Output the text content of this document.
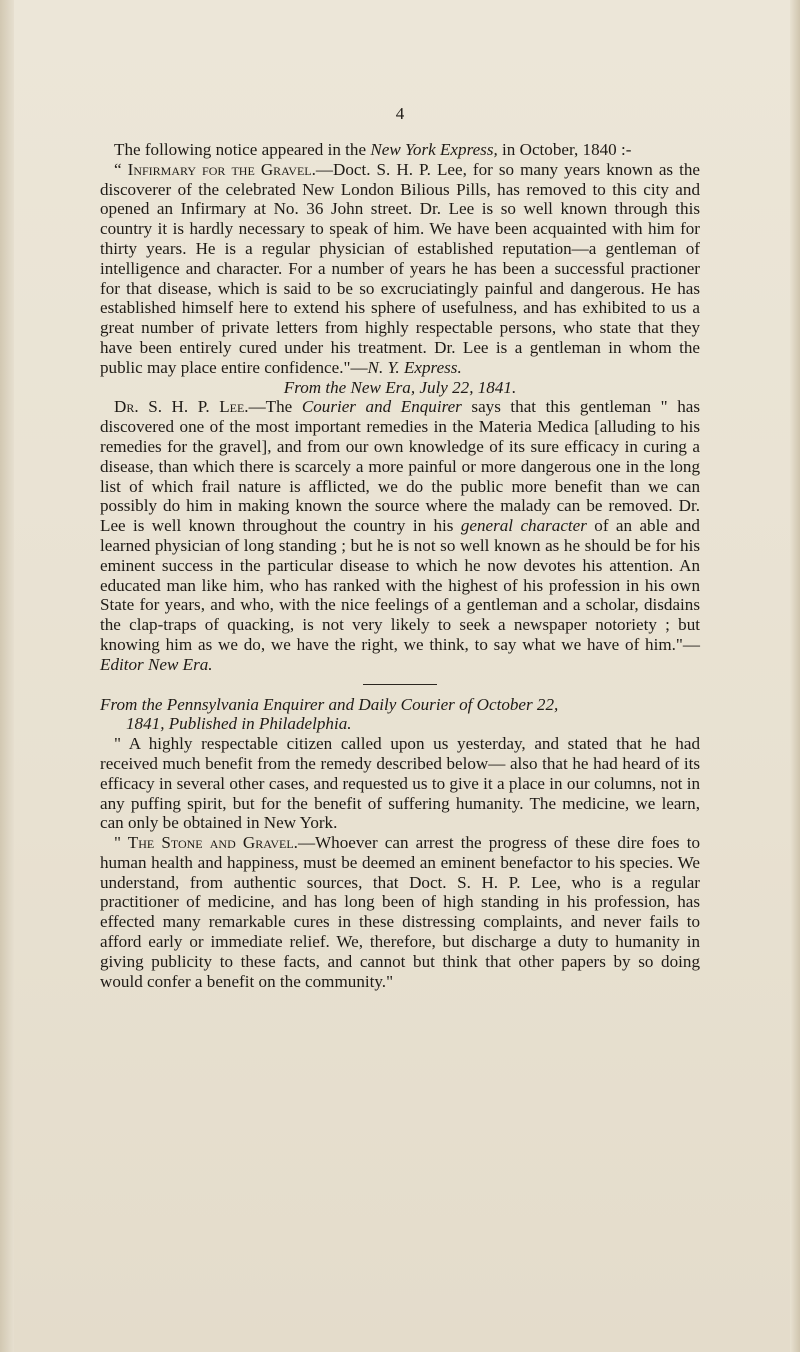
4

The following notice appeared in the New York Express, in October, 1840 :-

“ Infirmary for the Gravel.—Doct. S. H. P. Lee, for so many years known as the discoverer of the celebrated New London Bilious Pills, has removed to this city and opened an Infirmary at No. 36 John street. Dr. Lee is so well known through this country it is hardly necessary to speak of him. We have been acquainted with him for thirty years. He is a regular physician of established reputation—a gentleman of intelligence and character. For a number of years he has been a successful practioner for that disease, which is said to be so excruciatingly painful and dangerous. He has established himself here to extend his sphere of usefulness, and has exhibited to us a great number of private letters from highly respectable persons, who state that they have been entirely cured under his treatment. Dr. Lee is a gentleman in whom the public may place entire confidence."—N. Y. Express.

From the New Era, July 22, 1841.

Dr. S. H. P. Lee.—The Courier and Enquirer says that this gentleman " has discovered one of the most important remedies in the Materia Medica [alluding to his remedies for the gravel], and from our own knowledge of its sure efficacy in curing a disease, than which there is scarcely a more painful or more dangerous one in the long list of which frail nature is afflicted, we do the public more benefit than we can possibly do him in making known the source where the malady can be removed. Dr. Lee is well known throughout the country in his general character of an able and learned physician of long standing ; but he is not so well known as he should be for his eminent success in the particular disease to which he now devotes his attention. An educated man like him, who has ranked with the highest of his profession in his own State for years, and who, with the nice feelings of a gentleman and a scholar, disdains the clap-traps of quacking, is not very likely to seek a newspaper notoriety ; but knowing him as we do, we have the right, we think, to say what we have of him."—Editor New Era.

From the Pennsylvania Enquirer and Daily Courier of October 22,

1841, Published in Philadelphia.

" A highly respectable citizen called upon us yesterday, and stated that he had received much benefit from the remedy described below— also that he had heard of its efficacy in several other cases, and requested us to give it a place in our columns, not in any puffing spirit, but for the benefit of suffering humanity. The medicine, we learn, can only be obtained in New York.

" The Stone and Gravel.—Whoever can arrest the progress of these dire foes to human health and happiness, must be deemed an eminent benefactor to his species. We understand, from authentic sources, that Doct. S. H. P. Lee, who is a regular practitioner of medicine, and has long been of high standing in his profession, has effected many remarkable cures in these distressing complaints, and never fails to afford early or immediate relief. We, therefore, but discharge a duty to humanity in giving publicity to these facts, and cannot but think that other papers by so doing would confer a benefit on the community."
